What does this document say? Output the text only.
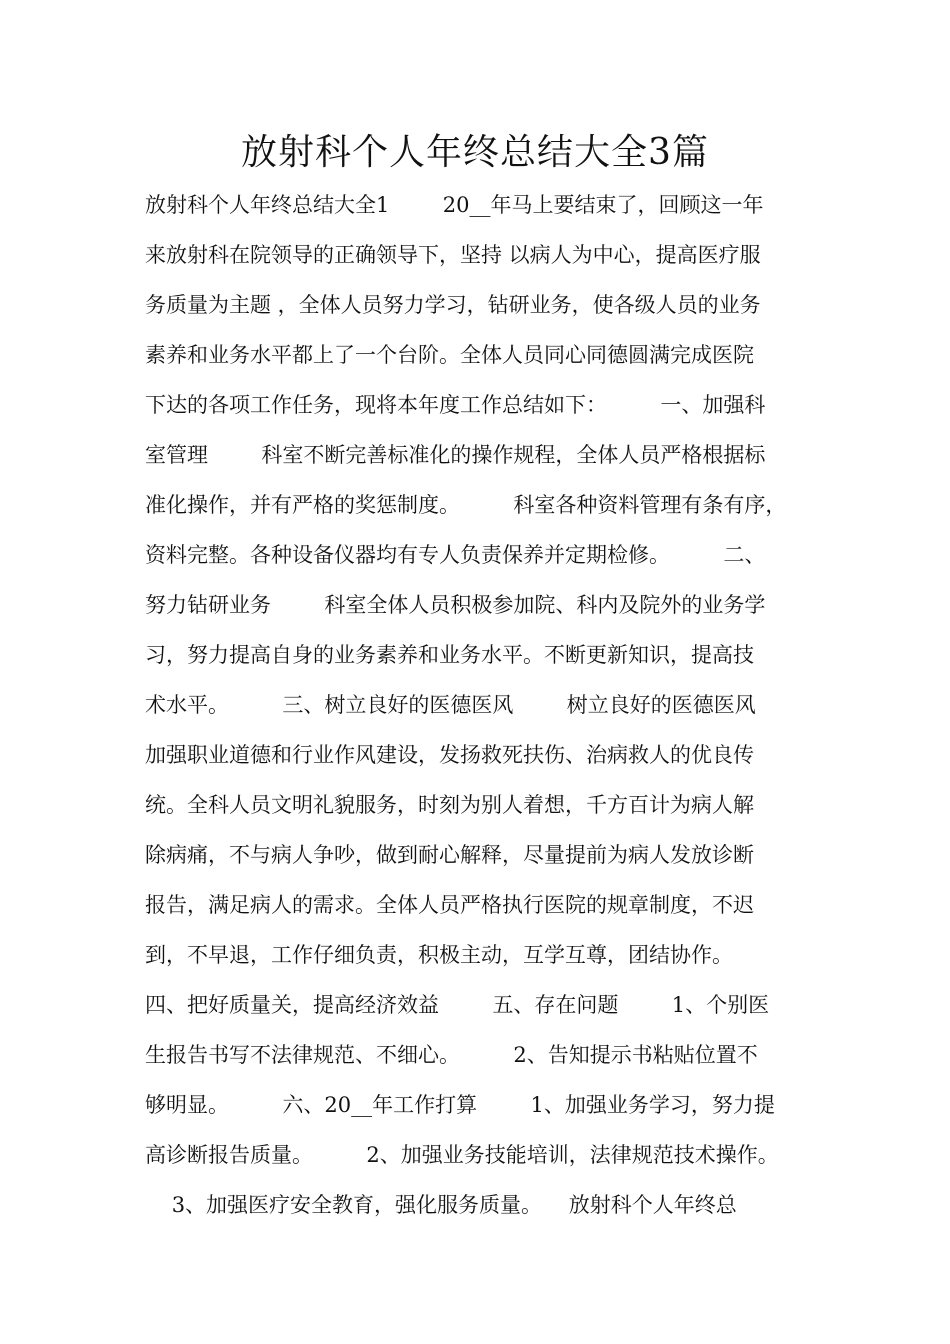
放射科个人年终总结大全3篇
放射科个人年终总结大全1        20__年马上要结束了，回顾这一年
来放射科在院领导的正确领导下，坚持 以病人为中心，提高医疗服
务质量为主题 ，全体人员努力学习，钻研业务，使各级人员的业务
素养和业务水平都上了一个台阶。全体人员同心同德圆满完成医院
下达的各项工作任务，现将本年度工作总结如下：        一、加强科
室管理        科室不断完善标准化的操作规程，全体人员严格根据标
准化操作，并有严格的奖惩制度。        科室各种资料管理有条有序，
资料完整。各种设备仪器均有专人负责保养并定期检修。        二、
努力钻研业务        科室全体人员积极参加院、科内及院外的业务学
习，努力提高自身的业务素养和业务水平。不断更新知识，提高技
术水平。        三、树立良好的医德医风        树立良好的医德医风
加强职业道德和行业作风建设，发扬救死扶伤、治病救人的优良传
统。全科人员文明礼貌服务，时刻为别人着想，千方百计为病人解
除病痛，不与病人争吵，做到耐心解释，尽量提前为病人发放诊断
报告，满足病人的需求。全体人员严格执行医院的规章制度，不迟
到，不早退，工作仔细负责，积极主动，互学互尊，团结协作。
四、把好质量关，提高经济效益        五、存在问题        1、个别医
生报告书写不法律规范、不细心。        2、告知提示书粘贴位置不
够明显。        六、20__年工作打算        1、加强业务学习，努力提
高诊断报告质量。        2、加强业务技能培训，法律规范技术操作。
3、加强医疗安全教育，强化服务质量。    放射科个人年终总
